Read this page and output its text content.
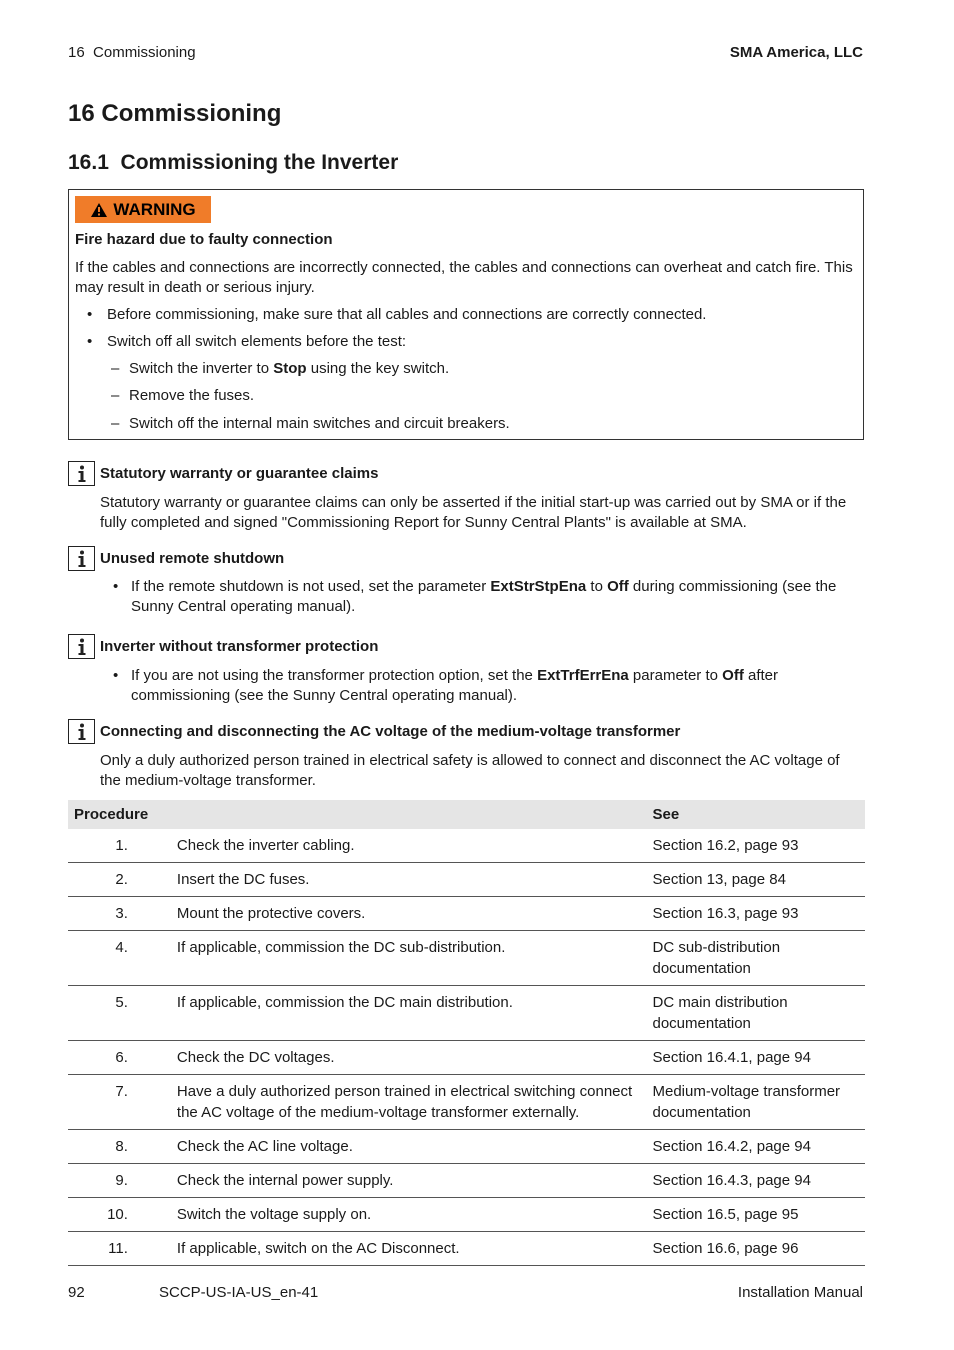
16  Commissioning	SMA America, LLC
16 Commissioning
16.1  Commissioning the Inverter
WARNING
Fire hazard due to faulty connection
If the cables and connections are incorrectly connected, the cables and connections can overheat and catch fire. This may result in death or serious injury.
• Before commissioning, make sure that all cables and connections are correctly connected.
• Switch off all switch elements before the test:
– Switch the inverter to Stop using the key switch.
– Remove the fuses.
– Switch off the internal main switches and circuit breakers.
Statutory warranty or guarantee claims
Statutory warranty or guarantee claims can only be asserted if the initial start-up was carried out by SMA or if the fully completed and signed "Commissioning Report for Sunny Central Plants" is available at SMA.
Unused remote shutdown
• If the remote shutdown is not used, set the parameter ExtStrStpEna to Off during commissioning (see the Sunny Central operating manual).
Inverter without transformer protection
• If you are not using the transformer protection option, set the ExtTrfErrEna parameter to Off after commissioning (see the Sunny Central operating manual).
Connecting and disconnecting the AC voltage of the medium-voltage transformer
Only a duly authorized person trained in electrical safety is allowed to connect and disconnect the AC voltage of the medium-voltage transformer.
Procedure		See
1.	Check the inverter cabling.	Section 16.2, page 93
2.	Insert the DC fuses.	Section 13, page 84
3.	Mount the protective covers.	Section 16.3, page 93
4.	If applicable, commission the DC sub-distribution.	DC sub-distribution documentation
5.	If applicable, commission the DC main distribution.	DC main distribution documentation
6.	Check the DC voltages.	Section 16.4.1, page 94
7.	Have a duly authorized person trained in electrical switching connect the AC voltage of the medium-voltage transformer externally.	Medium-voltage transformer documentation
8.	Check the AC line voltage.	Section 16.4.2, page 94
9.	Check the internal power supply.	Section 16.4.3, page 94
10.	Switch the voltage supply on.	Section 16.5, page 95
11.	If applicable, switch on the AC Disconnect.	Section 16.6, page 96
92	SCCP-US-IA-US_en-41	Installation Manual
